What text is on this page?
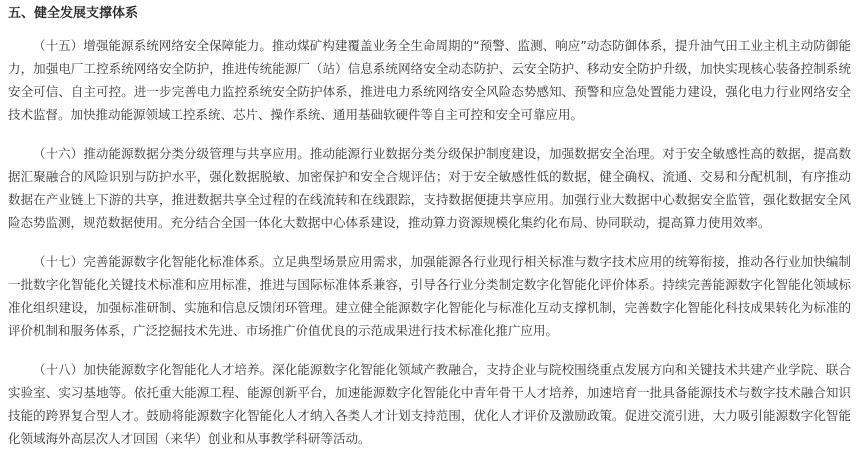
五、健全发展支撑体系

（十五）增强能源系统网络安全保障能力。推动煤矿构建覆盖业务全生命周期的“预警、监测、响应”动态防御体系，提升油气田工业主机主动防御能力，加强电厂工控系统网络安全防护，推进传统能源厂（站）信息系统网络安全动态防护、云安全防护、移动安全防护升级，加快实现核心装备控制系统安全可信、自主可控。进一步完善电力监控系统安全防护体系，推进电力系统网络安全风险态势感知、预警和应急处置能力建设，强化电力行业网络安全技术监督。加快推动能源领域工控系统、芯片、操作系统、通用基础软硬件等自主可控和安全可靠应用。

（十六）推动能源数据分类分级管理与共享应用。推动能源行业数据分类分级保护制度建设，加强数据安全治理。对于安全敏感性高的数据，提高数据汇聚融合的风险识别与防护水平，强化数据脱敏、加密保护和安全合规评估；对于安全敏感性低的数据，健全确权、流通、交易和分配机制，有序推动数据在产业链上下游的共享，推进数据共享全过程的在线流转和在线跟踪，支持数据便捷共享应用。加强行业大数据中心数据安全监管，强化数据安全风险态势监测，规范数据使用。充分结合全国一体化大数据中心体系建设，推动算力资源规模化集约化布局、协同联动，提高算力使用效率。

（十七）完善能源数字化智能化标准体系。立足典型场景应用需求，加强能源各行业现行相关标准与数字技术应用的统筹衔接，推动各行业加快编制一批数字化智能化关键技术标准和应用标准，推进与国际标准体系兼容，引导各行业分类制定数字化智能化评价体系。持续完善能源数字化智能化领域标准化组织建设，加强标准研制、实施和信息反馈闭环管理。建立健全能源数字化智能化与标准化互动支撑机制，完善数字化智能化科技成果转化为标准的评价机制和服务体系，广泛挖掘技术先进、市场推广价值优良的示范成果进行技术标准化推广应用。

（十八）加快能源数字化智能化人才培养。深化能源数字化智能化领域产教融合，支持企业与院校围绕重点发展方向和关键技术共建产业学院、联合实验室、实习基地等。依托重大能源工程、能源创新平台，加速能源数字化智能化中青年骨干人才培养，加速培育一批具备能源技术与数字技术融合知识技能的跨界复合型人才。鼓励将能源数字化智能化人才纳入各类人才计划支持范围，优化人才评价及激励政策。促进交流引进，大力吸引能源数字化智能化领域海外高层次人才回国（来华）创业和从事教学科研等活动。
